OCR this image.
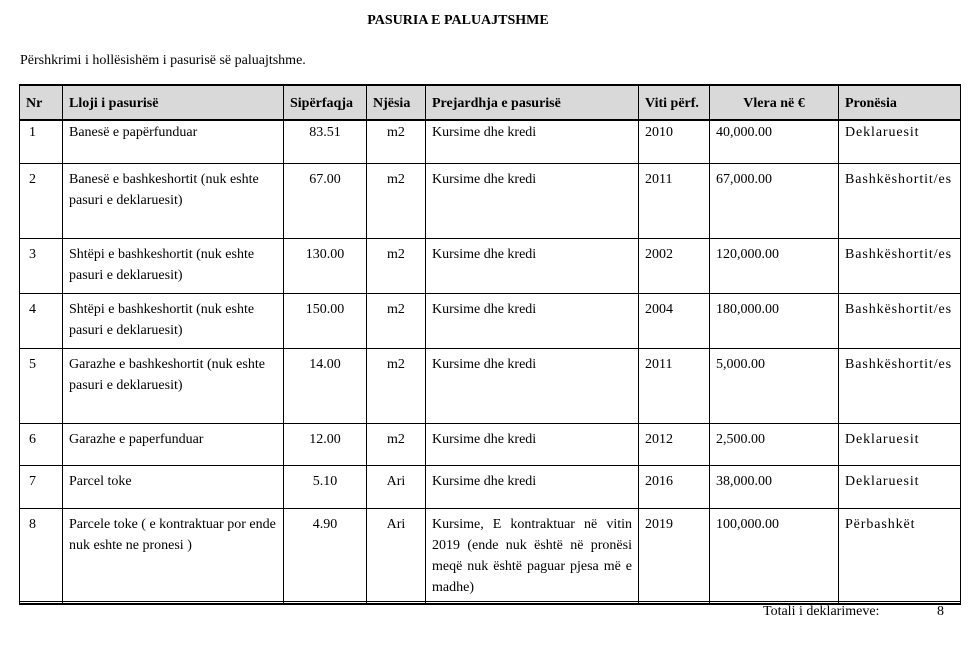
PASURIA E PALUAJTSHME
Përshkrimi i hollësishëm i pasurisë së paluajtshme.
Nr	Lloji i pasurisë	Sipërfaqja	Njësia	Prejardhja e pasurisë	Viti përf.	Vlera në €	Pronësia
1	Banesë e papërfunduar	83.51	m2	Kursime dhe kredi	2010	40,000.00	Deklaruesit
2	Banesë e bashkeshortit (nuk eshte pasuri e deklaruesit)	67.00	m2	Kursime dhe kredi	2011	67,000.00	Bashkëshortit/es
3	Shtëpi e bashkeshortit (nuk eshte pasuri e deklaruesit)	130.00	m2	Kursime dhe kredi	2002	120,000.00	Bashkëshortit/es
4	Shtëpi e bashkeshortit (nuk eshte pasuri e deklaruesit)	150.00	m2	Kursime dhe kredi	2004	180,000.00	Bashkëshortit/es
5	Garazhe e bashkeshortit (nuk eshte pasuri e deklaruesit)	14.00	m2	Kursime dhe kredi	2011	5,000.00	Bashkëshortit/es
6	Garazhe e paperfunduar	12.00	m2	Kursime dhe kredi	2012	2,500.00	Deklaruesit
7	Parcel toke	5.10	Ari	Kursime dhe kredi	2016	38,000.00	Deklaruesit
8	Parcele toke ( e kontraktuar por ende nuk eshte ne pronesi )	4.90	Ari	Kursime, E kontraktuar në vitin 2019 (ende nuk është në pronësi meqë nuk është paguar pjesa më e madhe)	2019	100,000.00	Përbashkët
Totali i deklarimeve:	8
